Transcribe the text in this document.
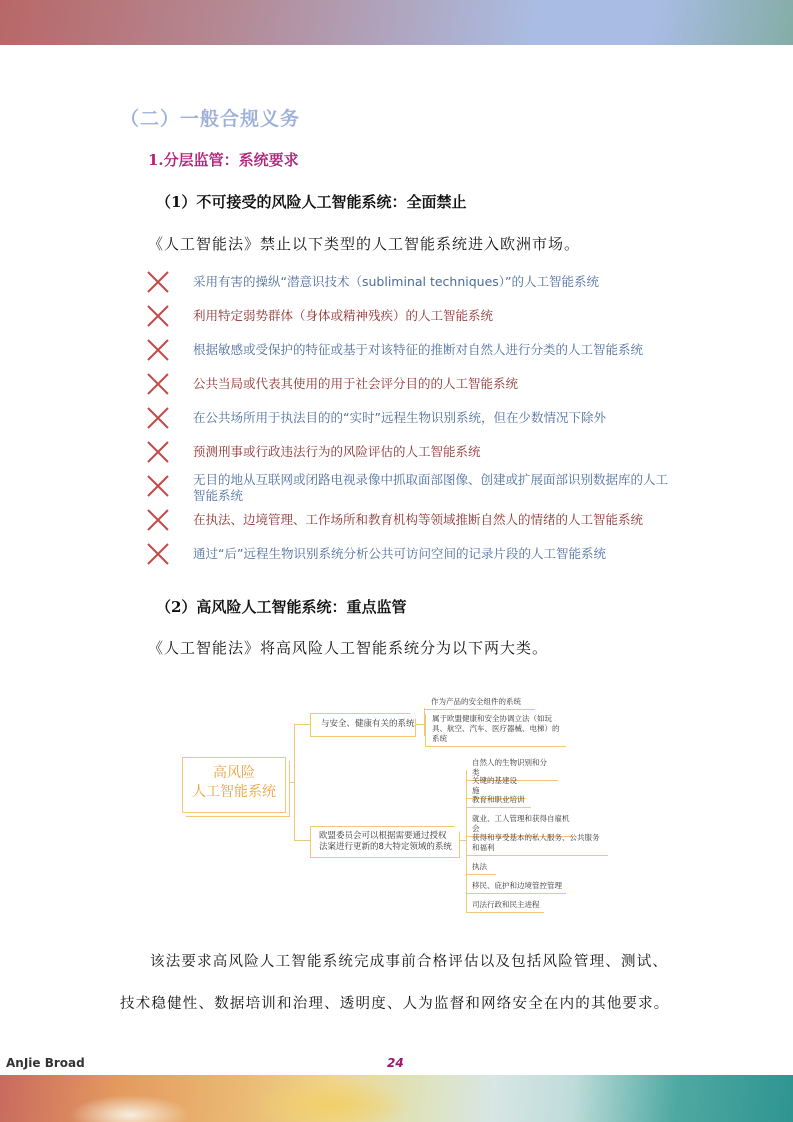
（二）一般合规义务
1.分层监管：系统要求
（1）不可接受的风险人工智能系统：全面禁止
《人工智能法》禁止以下类型的人工智能系统进入欧洲市场。
采用有害的操纵“潜意识技术（subliminal techniques）”的人工智能系统
利用特定弱势群体（身体或精神残疾）的人工智能系统
根据敏感或受保护的特征或基于对该特征的推断对自然人进行分类的人工智能系统
公共当局或代表其使用的用于社会评分目的的人工智能系统
在公共场所用于执法目的的“实时”远程生物识别系统，但在少数情况下除外
预测刑事或行政违法行为的风险评估的人工智能系统
无目的地从互联网或闭路电视录像中抓取面部图像、创建或扩展面部识别数据库的人工智能系统
在执法、边境管理、工作场所和教育机构等领域推断自然人的情绪的人工智能系统
通过“后”远程生物识别系统分析公共可访问空间的记录片段的人工智能系统
（2）高风险人工智能系统：重点监管
《人工智能法》将高风险人工智能系统分为以下两大类。
高风险
人工智能系统
与安全、健康有关的系统
作为产品的安全组件的系统
属于欧盟健康和安全协调立法（如玩具、航空、汽车、医疗器械、电梯）的系统
欧盟委员会可以根据需要通过授权法案进行更新的8大特定领域的系统
自然人的生物识别和分类
关键的基建设施
教育和职业培训
就业、工人管理和获得自雇机会
获得和享受基本的私人服务、公共服务和福利
执法
移民、庇护和边境管控管理
司法行政和民主进程
该法要求高风险人工智能系统完成事前合格评估以及包括风险管理、测试、
技术稳健性、数据培训和治理、透明度、人为监督和网络安全在内的其他要求。
AnJie Broad	24
